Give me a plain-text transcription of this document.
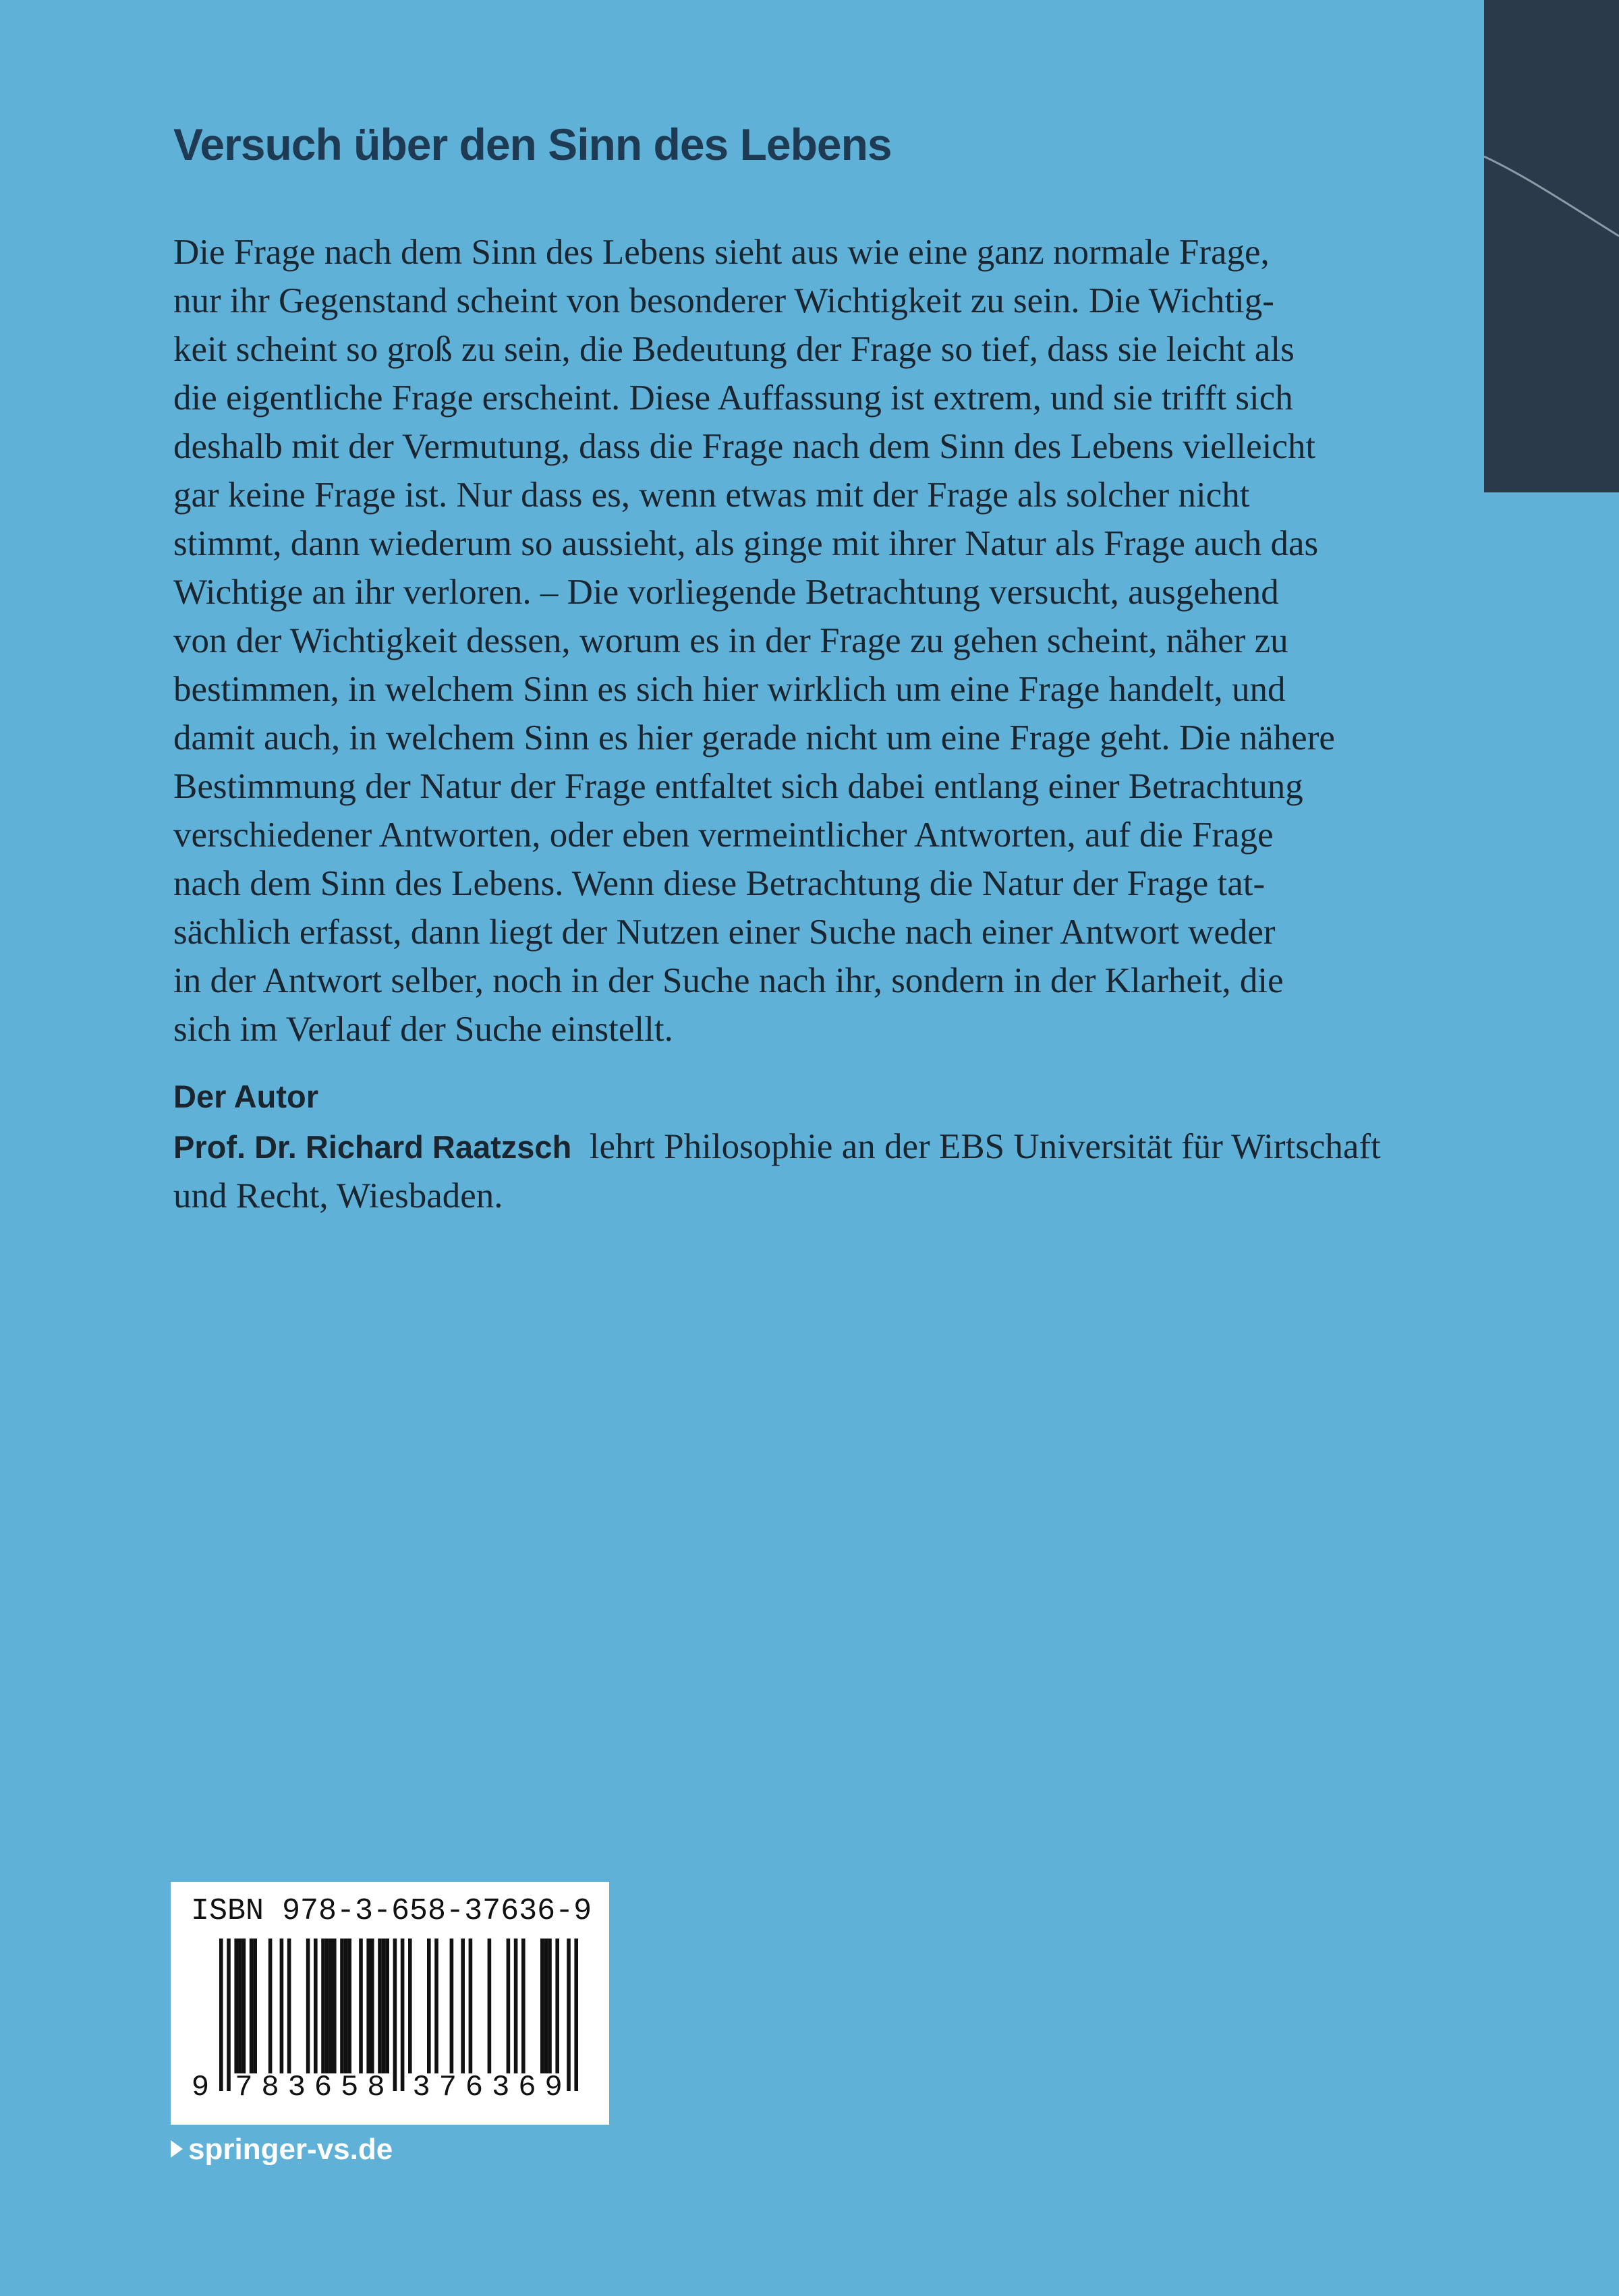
Versuch über den Sinn des Lebens
Die Frage nach dem Sinn des Lebens sieht aus wie eine ganz normale Frage,
nur ihr Gegenstand scheint von besonderer Wichtigkeit zu sein. Die Wichtig-
keit scheint so groß zu sein, die Bedeutung der Frage so tief, dass sie leicht als
die eigentliche Frage erscheint. Diese Auffassung ist extrem, und sie trifft sich
deshalb mit der Vermutung, dass die Frage nach dem Sinn des Lebens vielleicht
gar keine Frage ist. Nur dass es, wenn etwas mit der Frage als solcher nicht
stimmt, dann wiederum so aussieht, als ginge mit ihrer Natur als Frage auch das
Wichtige an ihr verloren. – Die vorliegende Betrachtung versucht, ausgehend
von der Wichtigkeit dessen, worum es in der Frage zu gehen scheint, näher zu
bestimmen, in welchem Sinn es sich hier wirklich um eine Frage handelt, und
damit auch, in welchem Sinn es hier gerade nicht um eine Frage geht. Die nähere
Bestimmung der Natur der Frage entfaltet sich dabei entlang einer Betrachtung
verschiedener Antworten, oder eben vermeintlicher Antworten, auf die Frage
nach dem Sinn des Lebens. Wenn diese Betrachtung die Natur der Frage tat-
sächlich erfasst, dann liegt der Nutzen einer Suche nach einer Antwort weder
in der Antwort selber, noch in der Suche nach ihr, sondern in der Klarheit, die
sich im Verlauf der Suche einstellt.
Der Autor
Prof. Dr. Richard Raatzsch lehrt Philosophie an der EBS Universität für Wirtschaft
und Recht, Wiesbaden.
ISBN 978-3-658-37636-9
9 7 8 3 6 5 8 3 7 6 3 6 9
springer-vs.de
